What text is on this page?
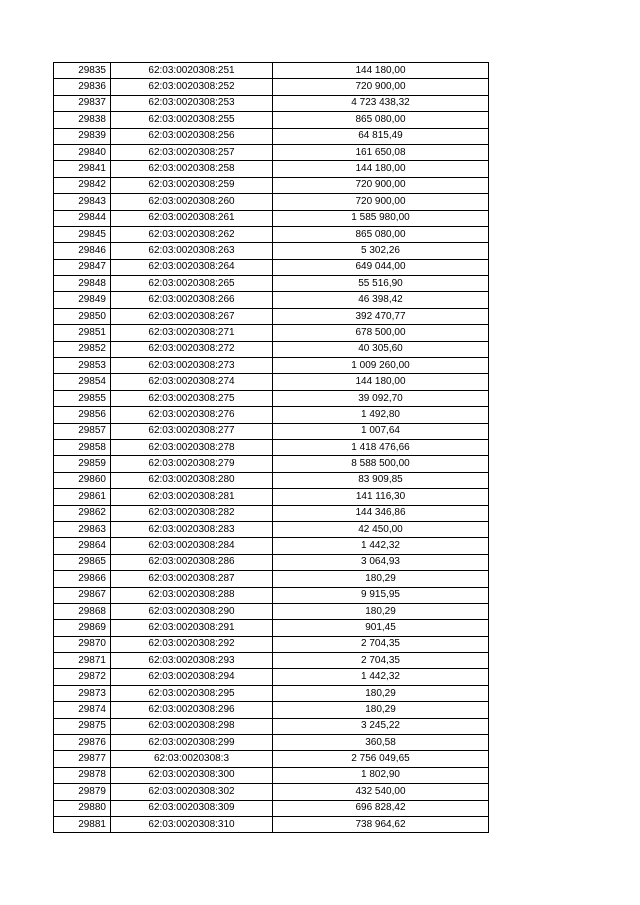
29835	62:03:0020308:251	144 180,00
29836	62:03:0020308:252	720 900,00
29837	62:03:0020308:253	4 723 438,32
29838	62:03:0020308:255	865 080,00
29839	62:03:0020308:256	64 815,49
29840	62:03:0020308:257	161 650,08
29841	62:03:0020308:258	144 180,00
29842	62:03:0020308:259	720 900,00
29843	62:03:0020308:260	720 900,00
29844	62:03:0020308:261	1 585 980,00
29845	62:03:0020308:262	865 080,00
29846	62:03:0020308:263	5 302,26
29847	62:03:0020308:264	649 044,00
29848	62:03:0020308:265	55 516,90
29849	62:03:0020308:266	46 398,42
29850	62:03:0020308:267	392 470,77
29851	62:03:0020308:271	678 500,00
29852	62:03:0020308:272	40 305,60
29853	62:03:0020308:273	1 009 260,00
29854	62:03:0020308:274	144 180,00
29855	62:03:0020308:275	39 092,70
29856	62:03:0020308:276	1 492,80
29857	62:03:0020308:277	1 007,64
29858	62:03:0020308:278	1 418 476,66
29859	62:03:0020308:279	8 588 500,00
29860	62:03:0020308:280	83 909,85
29861	62:03:0020308:281	141 116,30
29862	62:03:0020308:282	144 346,86
29863	62:03:0020308:283	42 450,00
29864	62:03:0020308:284	1 442,32
29865	62:03:0020308:286	3 064,93
29866	62:03:0020308:287	180,29
29867	62:03:0020308:288	9 915,95
29868	62:03:0020308:290	180,29
29869	62:03:0020308:291	901,45
29870	62:03:0020308:292	2 704,35
29871	62:03:0020308:293	2 704,35
29872	62:03:0020308:294	1 442,32
29873	62:03:0020308:295	180,29
29874	62:03:0020308:296	180,29
29875	62:03:0020308:298	3 245,22
29876	62:03:0020308:299	360,58
29877	62:03:0020308:3	2 756 049,65
29878	62:03:0020308:300	1 802,90
29879	62:03:0020308:302	432 540,00
29880	62:03:0020308:309	696 828,42
29881	62:03:0020308:310	738 964,62
